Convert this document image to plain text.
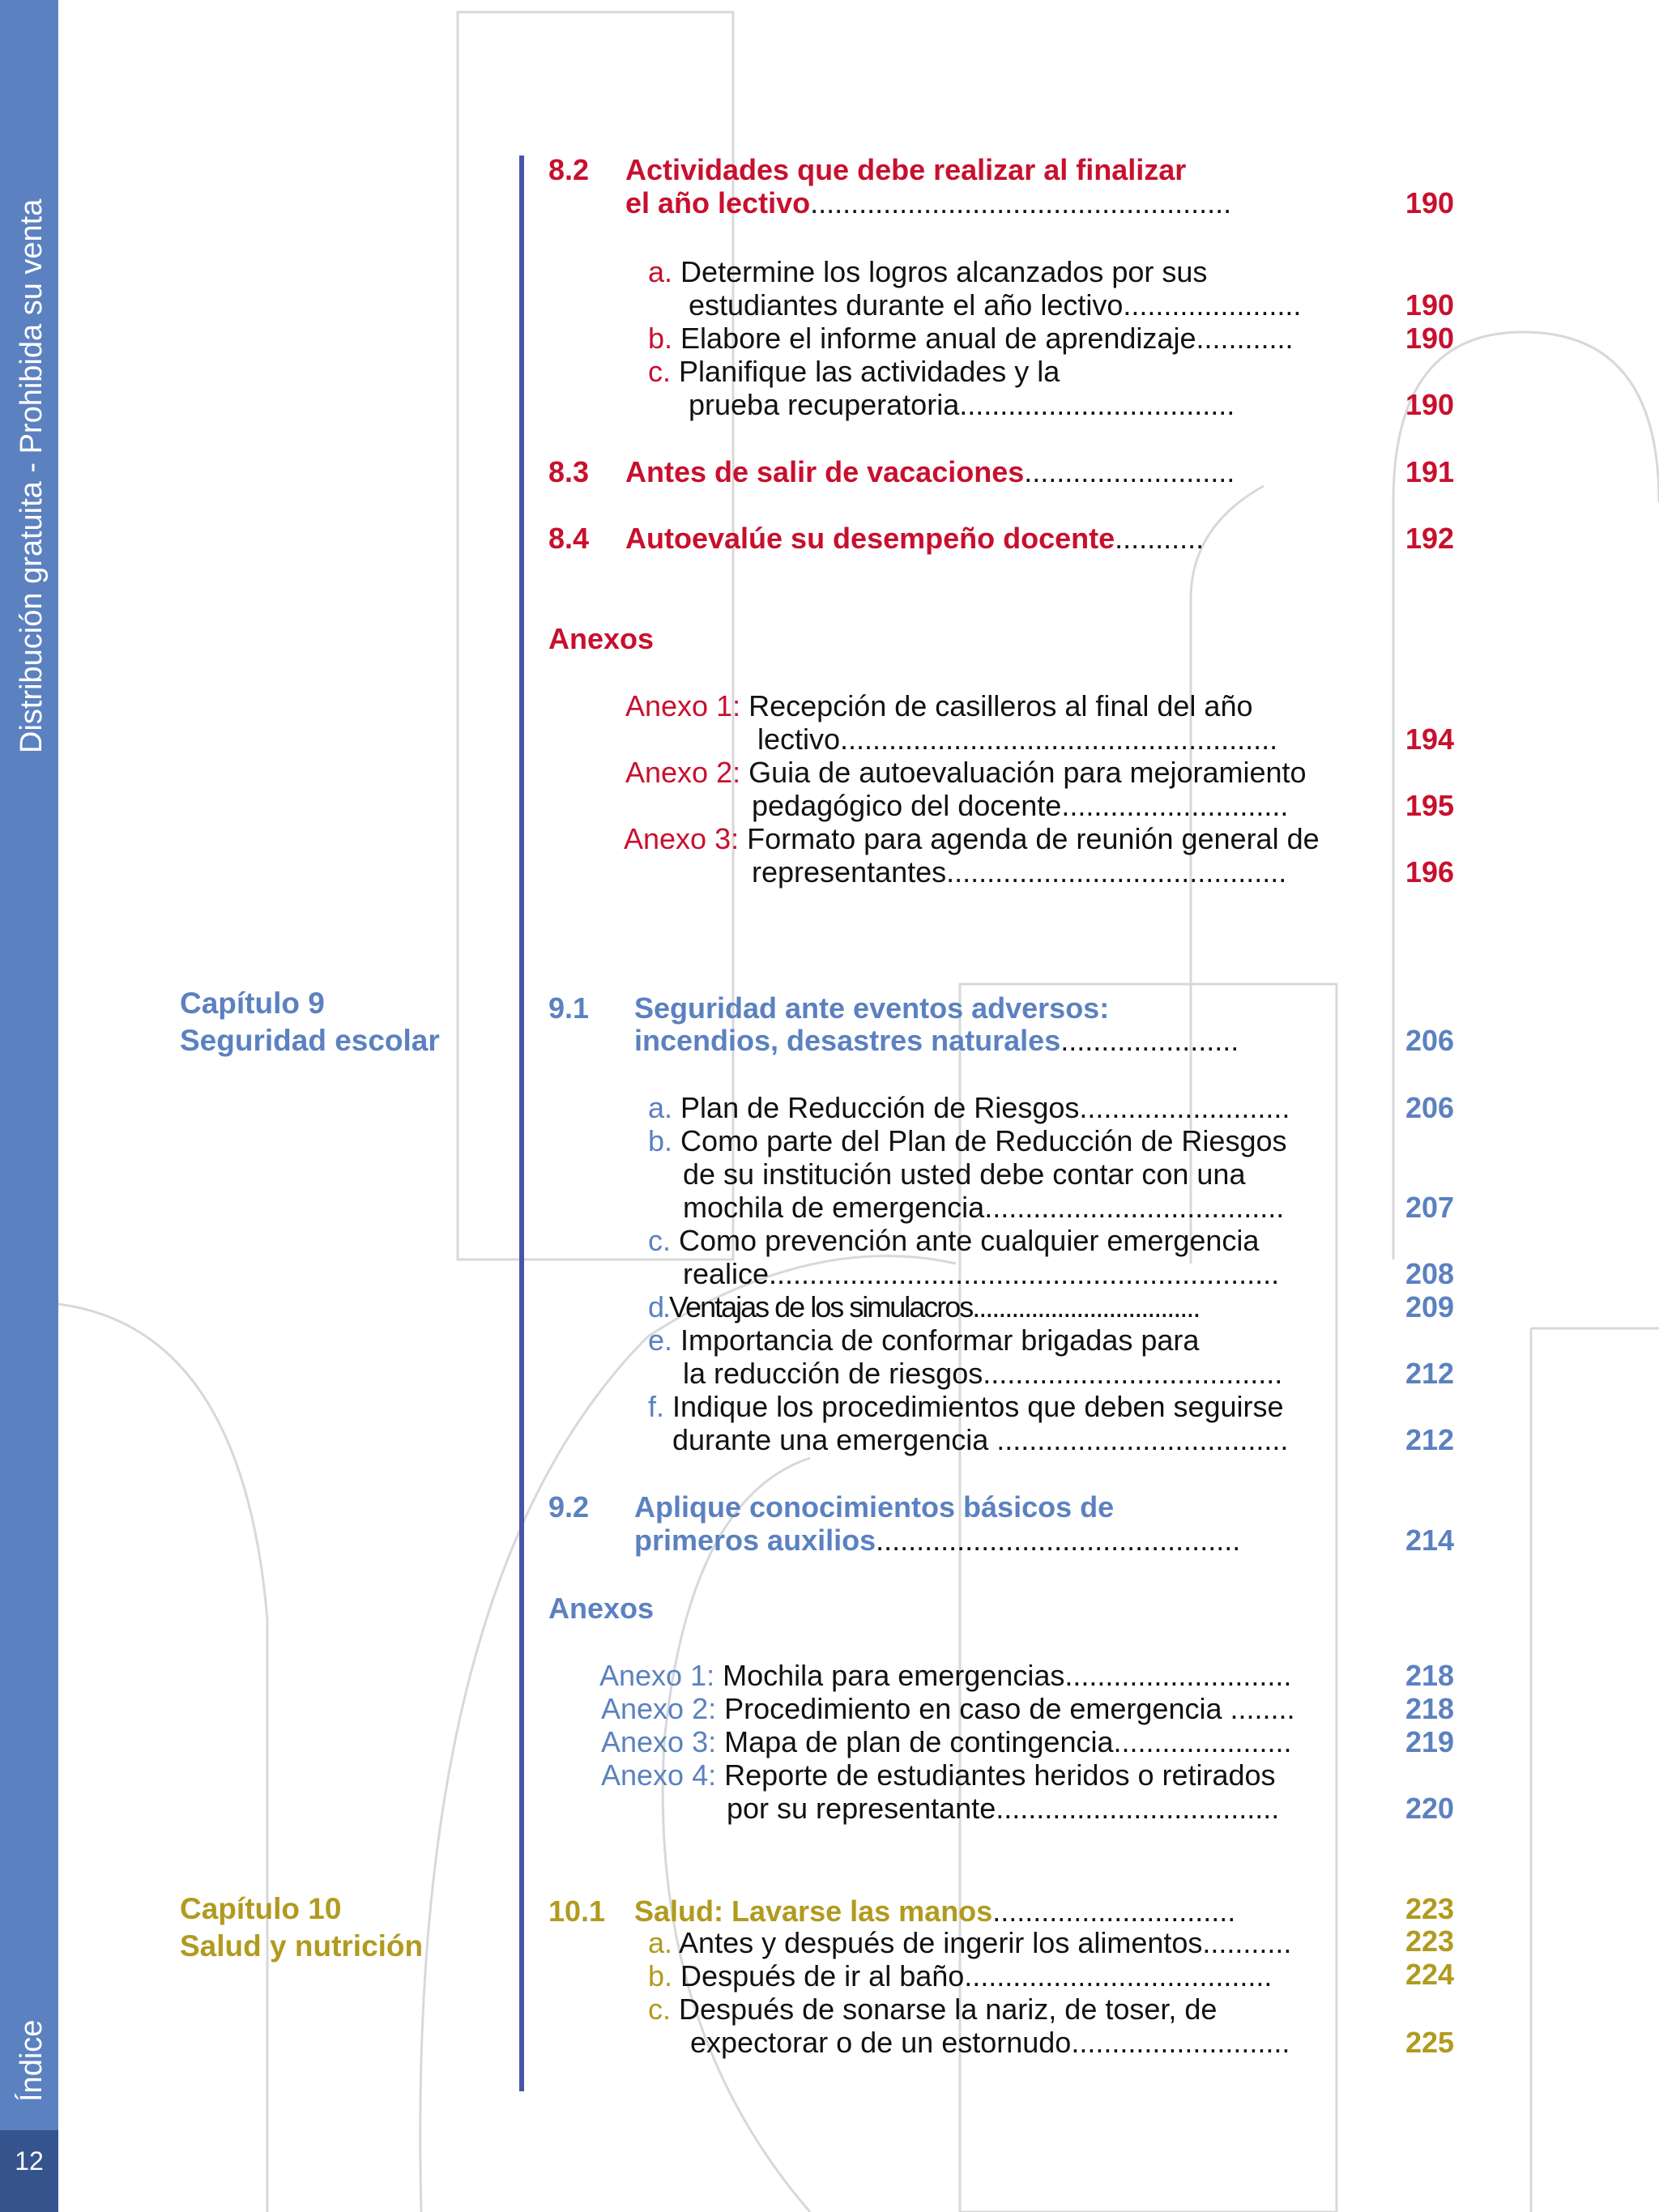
Distribución gratuita - Prohibida su venta
Índice
12
8.2 Actividades que debe realizar al finalizar
el año lectivo....................................................	190
a. Determine los logros alcanzados por sus
estudiantes durante el año lectivo......................	190
b. Elabore el informe anual de aprendizaje............	190
c. Planifique las actividades y la
prueba recuperatoria..................................	190
8.3 Antes de salir de vacaciones..........................	191
8.4 Autoevalúe su desempeño docente...........	192
Anexos
Anexo 1: Recepción de casilleros al final del año
lectivo......................................................	194
Anexo 2: Guia de autoevaluación para mejoramiento
pedagógico del docente............................	195
Anexo 3: Formato para agenda de reunión general de
representantes..........................................	196
Capítulo 9
Seguridad escolar
9.1 Seguridad ante eventos adversos:
incendios, desastres naturales......................	206
a. Plan de Reducción de Riesgos..........................	206
b. Como parte del Plan de Reducción de Riesgos
de su institución usted debe contar con una
mochila de emergencia.....................................	207
c. Como prevención ante cualquier emergencia
realice...............................................................	208
d.Ventajas de los simulacros...................................	209
e. Importancia de conformar brigadas para
la reducción de riesgos.....................................	212
f. Indique los procedimientos que deben seguirse
durante una emergencia ....................................	212
9.2 Aplique conocimientos básicos de
primeros auxilios.............................................	214
Anexos
Anexo 1: Mochila para emergencias............................	218
Anexo 2: Procedimiento en caso de emergencia ........	218
Anexo 3: Mapa de plan de contingencia......................	219
Anexo 4: Reporte de estudiantes heridos o retirados
por su representante...................................	220
Capítulo 10
Salud y nutrición
10.1 Salud: Lavarse las manos..............................	223
a. Antes y después de ingerir los alimentos...........	223
b. Después de ir al baño......................................	224
c. Después de sonarse la nariz, de toser, de
expectorar o de un estornudo...........................	225
